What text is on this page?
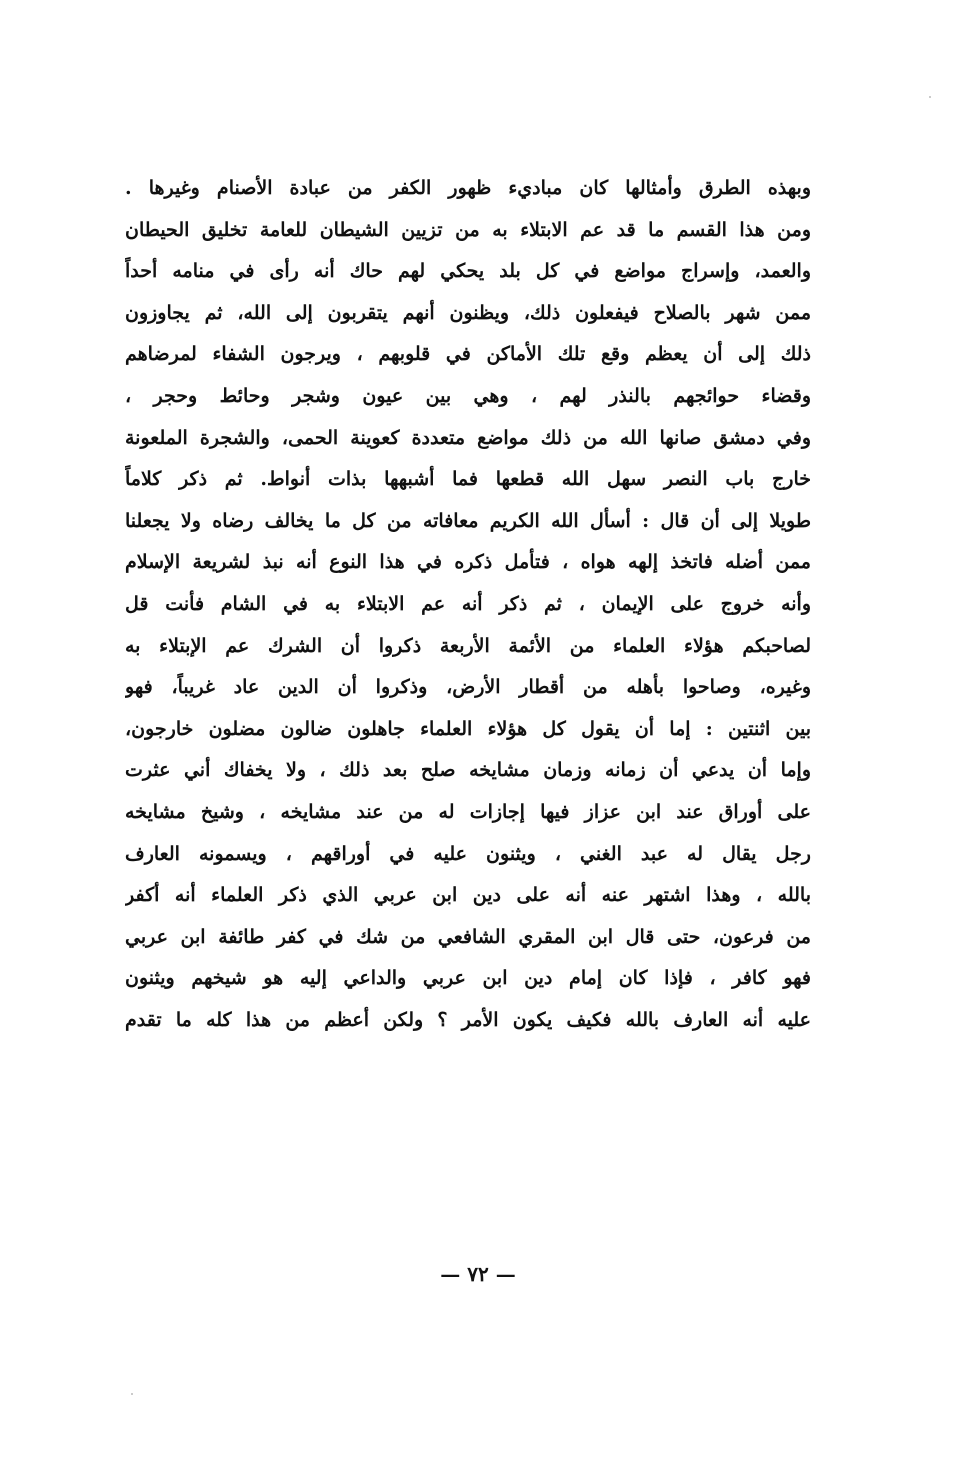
وبهذه الطرق وأمثالها كان مباديء ظهور الكفر من عبادة الأصنام وغيرها .
ومن هذا القسم ما قد عم الابتلاء به من تزيين الشيطان للعامة تخليق الحيطان
والعمد، وإسراج مواضع في كل بلد يحكي لهم حاك أنه رأى في منامه أحداً
ممن شهر بالصلاح فيفعلون ذلك، ويظنون أنهم يتقربون إلى الله، ثم يجاوزون
ذلك إلى أن يعظم وقع تلك الأماكن في قلوبهم ، ويرجون الشفاء لمرضاهم
وقضاء حوائجهم بالنذر لهم ، وهي بين عيون وشجر وحائط وحجر ،
وفي دمشق صانها الله من ذلك مواضع متعددة كعوينة الحمى، والشجرة الملعونة
خارج باب النصر سهل الله قطعها فما أشبهها بذات أنواط. ثم ذكر كلاماً
طويلا إلى أن قال : أسأل الله الكريم معافاته من كل ما يخالف رضاه ولا يجعلنا
ممن أضله فاتخذ إلهه هواه ، فتأمل ذكره في هذا النوع أنه نبذ لشريعة الإسلام
وأنه خروج على الإيمان ، ثم ذكر أنه عم الابتلاء به في الشام فأنت قل
لصاحبكم هؤلاء العلماء من الأئمة الأربعة ذكروا أن الشرك عم الإبتلاء به
وغيره، وصاحوا بأهله من أقطار الأرض، وذكروا أن الدين عاد غريباً، فهو
بين اثنتين : إما أن يقول كل هؤلاء العلماء جاهلون ضالون مضلون خارجون،
وإما أن يدعي أن زمانه وزمان مشايخه صلح بعد ذلك ، ولا يخفاك أني عثرت
على أوراق عند ابن عزاز فيها إجازات له من عند مشايخه ، وشيخ مشايخه
رجل يقال له عبد الغني ، ويثنون عليه في أوراقهم ، ويسمونه العارف
بالله ، وهذا اشتهر عنه أنه على دين ابن عربي الذي ذكر العلماء أنه أكفر
من فرعون، حتى قال ابن المقري الشافعي من شك في كفر طائفة ابن عربي
فهو كافر ، فإذا كان إمام دين ابن عربي والداعي إليه هو شيخهم ويثنون
عليه أنه العارف بالله فكيف يكون الأمر ؟ ولكن أعظم من هذا كله ما تقدم
— ٧٢ —
